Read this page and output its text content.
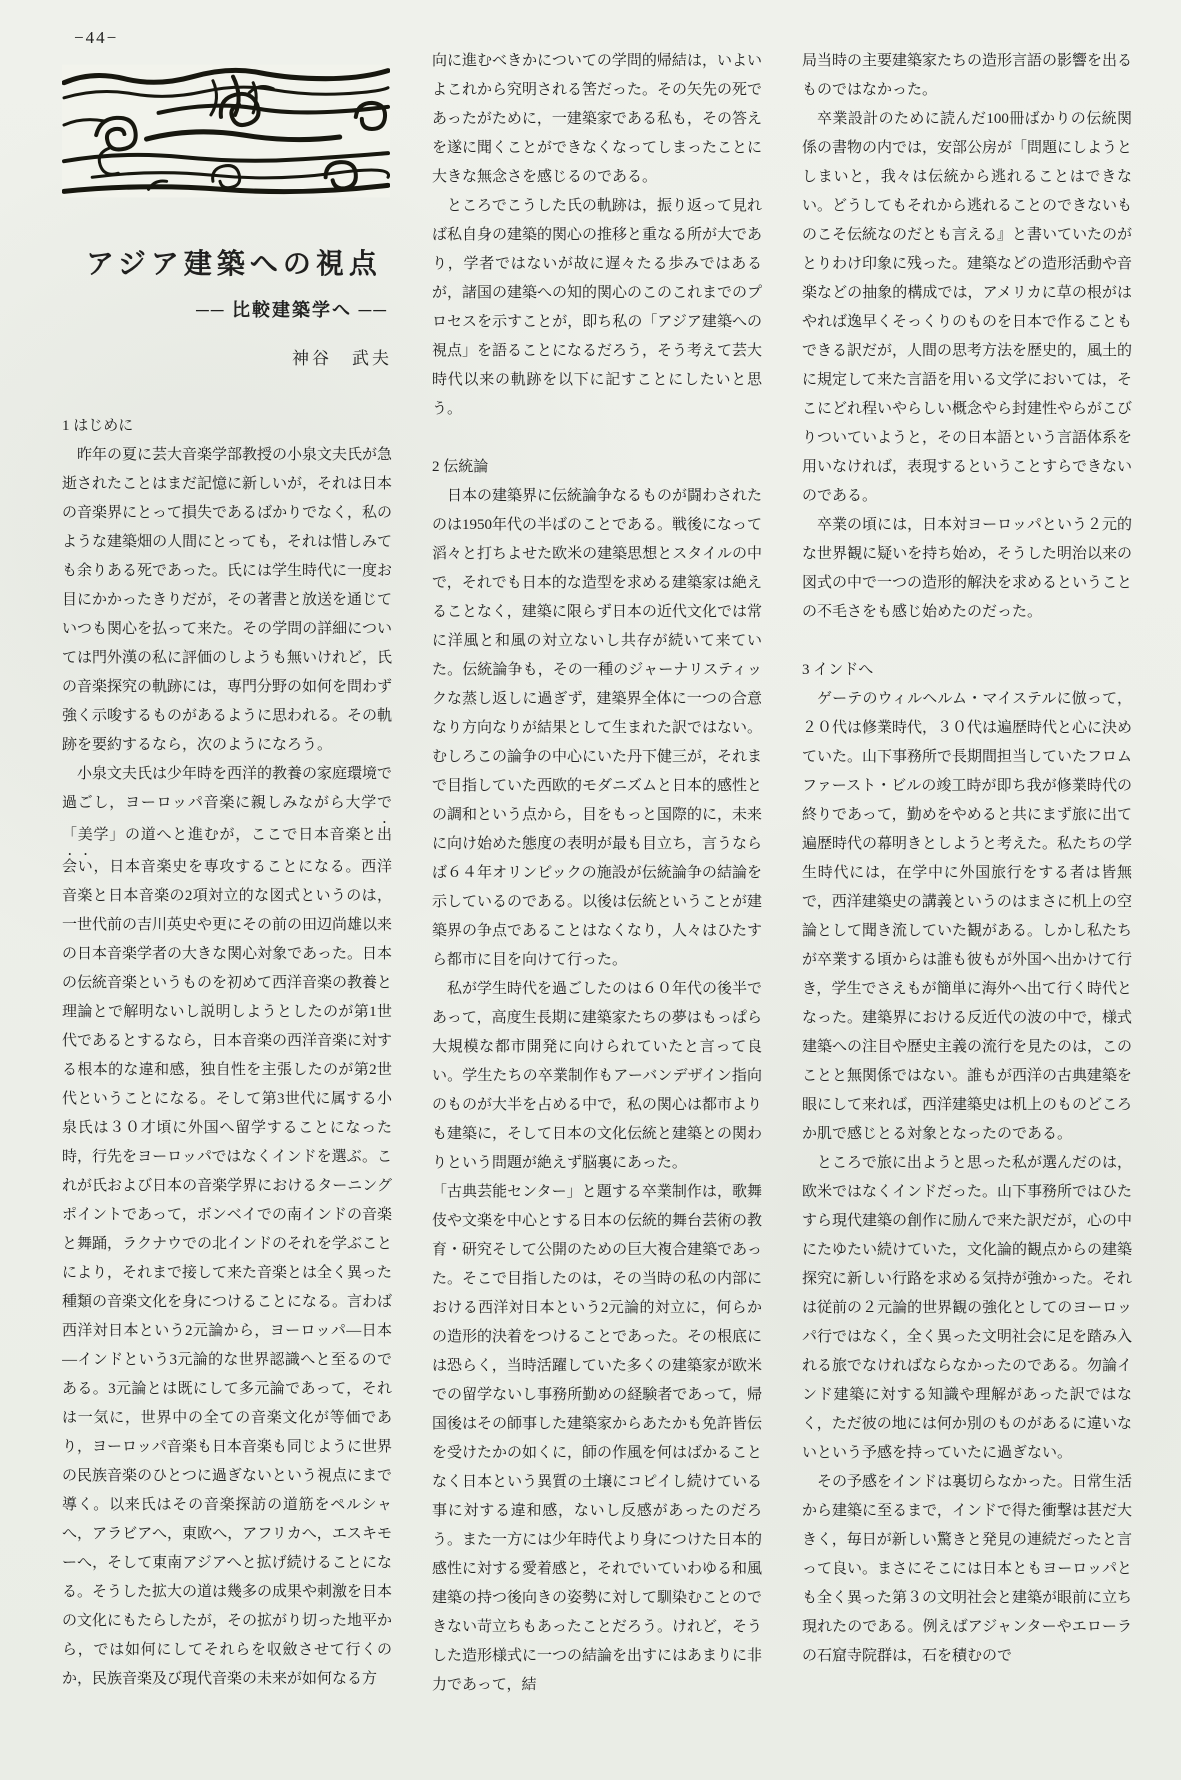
−44−
アジア建築への視点
── 比較建築学へ ──
神谷　武夫
1 はじめに

昨年の夏に芸大音楽学部教授の小泉文夫氏が急逝されたことはまだ記憶に新しいが，それは日本の音楽界にとって損失であるばかりでなく，私のような建築畑の人間にとっても，それは惜しみても余りある死であった。氏には学生時代に一度お目にかかったきりだが，その著書と放送を通じていつも関心を払って来た。その学問の詳細については門外漢の私に評価のしようも無いけれど，氏の音楽探究の軌跡には，専門分野の如何を問わず強く示唆するものがあるように思われる。その軌跡を要約するなら，次のようになろう。

小泉文夫氏は少年時を西洋的教養の家庭環境で過ごし，ヨーロッパ音楽に親しみながら大学で「美学」の道へと進むが，ここで日本音楽と出会い，日本音楽史を専攻することになる。西洋音楽と日本音楽の2項対立的な図式というのは，一世代前の吉川英史や更にその前の田辺尚雄以来の日本音楽学者の大きな関心対象であった。日本の伝統音楽というものを初めて西洋音楽の教養と理論とで解明ないし説明しようとしたのが第1世代であるとするなら，日本音楽の西洋音楽に対する根本的な違和感，独自性を主張したのが第2世代ということになる。そして第3世代に属する小泉氏は３０才頃に外国へ留学することになった時，行先をヨーロッパではなくインドを選ぶ。これが氏および日本の音楽学界におけるターニングポイントであって，ボンベイでの南インドの音楽と舞踊，ラクナウでの北インドのそれを学ぶことにより，それまで接して来た音楽とは全く異った種類の音楽文化を身につけることになる。言わば西洋対日本という2元論から，ヨーロッパ―日本―インドという3元論的な世界認識へと至るのである。3元論とは既にして多元論であって，それは一気に，世界中の全ての音楽文化が等価であり，ヨーロッパ音楽も日本音楽も同じように世界の民族音楽のひとつに過ぎないという視点にまで導く。以来氏はその音楽探訪の道筋をペルシャへ，アラビアへ，東欧へ，アフリカへ，エスキモーへ，そして東南アジアへと拡げ続けることになる。そうした拡大の道は幾多の成果や刺激を日本の文化にもたらしたが，その拡がり切った地平から，では如何にしてそれらを収斂させて行くのか，民族音楽及び現代音楽の未来が如何なる方

向に進むべきかについての学問的帰結は，いよいよこれから究明される筈だった。その矢先の死であったがために，一建築家である私も，その答えを遂に聞くことができなくなってしまったことに大きな無念さを感じるのである。

ところでこうした氏の軌跡は，振り返って見れば私自身の建築的関心の推移と重なる所が大であり，学者ではないが故に遅々たる歩みではあるが，諸国の建築への知的関心のこのこれまでのプロセスを示すことが，即ち私の「アジア建築への視点」を語ることになるだろう，そう考えて芸大時代以来の軌跡を以下に記すことにしたいと思う。

2 伝統論

日本の建築界に伝統論争なるものが闘わされたのは1950年代の半ばのことである。戦後になって滔々と打ちよせた欧米の建築思想とスタイルの中で，それでも日本的な造型を求める建築家は絶えることなく，建築に限らず日本の近代文化では常に洋風と和風の対立ないし共存が続いて来ていた。伝統論争も，その一種のジャーナリスティックな蒸し返しに過ぎず，建築界全体に一つの合意なり方向なりが結果として生まれた訳ではない。むしろこの論争の中心にいた丹下健三が，それまで目指していた西欧的モダニズムと日本的感性との調和という点から，目をもっと国際的に，未来に向け始めた態度の表明が最も目立ち，言うならば６４年オリンピックの施設が伝統論争の結論を示しているのである。以後は伝統ということが建築界の争点であることはなくなり，人々はひたすら都市に目を向けて行った。

私が学生時代を過ごしたのは６０年代の後半であって，高度生長期に建築家たちの夢はもっぱら大規模な都市開発に向けられていたと言って良い。学生たちの卒業制作もアーバンデザイン指向のものが大半を占める中で，私の関心は都市よりも建築に，そして日本の文化伝統と建築との関わりという問題が絶えず脳裏にあった。

「古典芸能センター」と題する卒業制作は，歌舞伎や文楽を中心とする日本の伝統的舞台芸術の教育・研究そして公開のための巨大複合建築であった。そこで目指したのは，その当時の私の内部における西洋対日本という2元論的対立に，何らかの造形的決着をつけることであった。その根底には恐らく，当時活躍していた多くの建築家が欧米での留学ないし事務所勤めの経験者であって，帰国後はその師事した建築家からあたかも免許皆伝を受けたかの如くに，師の作風を何はばかることなく日本という異質の土壌にコピイし続けている事に対する違和感，ないし反感があったのだろう。また一方には少年時代より身につけた日本的感性に対する愛着感と，それでいていわゆる和風建築の持つ後向きの姿勢に対して馴染むことのできない苛立ちもあったことだろう。けれど，そうした造形様式に一つの結論を出すにはあまりに非力であって，結

局当時の主要建築家たちの造形言語の影響を出るものではなかった。

卒業設計のために読んだ100冊ばかりの伝統関係の書物の内では，安部公房が「問題にしようとしまいと，我々は伝統から逃れることはできない。どうしてもそれから逃れることのできないものこそ伝統なのだとも言える』と書いていたのがとりわけ印象に残った。建築などの造形活動や音楽などの抽象的構成では，アメリカに草の根がはやれば逸早くそっくりのものを日本で作ることもできる訳だが，人間の思考方法を歴史的，風土的に規定して来た言語を用いる文学においては，そこにどれ程いやらしい概念やら封建性やらがこびりついていようと，その日本語という言語体系を用いなければ，表現するということすらできないのである。

卒業の頃には，日本対ヨーロッパという２元的な世界観に疑いを持ち始め，そうした明治以来の図式の中で一つの造形的解決を求めるということの不毛さをも感じ始めたのだった。

3 インドへ

ゲーテのウィルヘルム・マイステルに倣って，２０代は修業時代，３０代は遍歴時代と心に決めていた。山下事務所で長期間担当していたフロムファースト・ビルの竣工時が即ち我が修業時代の終りであって，勤めをやめると共にまず旅に出て遍歴時代の幕明きとしようと考えた。私たちの学生時代には，在学中に外国旅行をする者は皆無で，西洋建築史の講義というのはまさに机上の空論として聞き流していた観がある。しかし私たちが卒業する頃からは誰も彼もが外国へ出かけて行き，学生でさえもが簡単に海外へ出て行く時代となった。建築界における反近代の波の中で，様式建築への注目や歴史主義の流行を見たのは，このことと無関係ではない。誰もが西洋の古典建築を眼にして来れば，西洋建築史は机上のものどころか肌で感じとる対象となったのである。

ところで旅に出ようと思った私が選んだのは，欧米ではなくインドだった。山下事務所ではひたすら現代建築の創作に励んで来た訳だが，心の中にたゆたい続けていた，文化論的観点からの建築探究に新しい行路を求める気持が強かった。それは従前の２元論的世界観の強化としてのヨーロッパ行ではなく，全く異った文明社会に足を踏み入れる旅でなければならなかったのである。勿論インド建築に対する知識や理解があった訳ではなく，ただ彼の地には何か別のものがあるに違いないという予感を持っていたに過ぎない。

その予感をインドは裏切らなかった。日常生活から建築に至るまで，インドで得た衝撃は甚だ大きく，毎日が新しい驚きと発見の連続だったと言って良い。まさにそこには日本ともヨーロッパとも全く異った第３の文明社会と建築が眼前に立ち現れたのである。例えばアジャンターやエローラの石窟寺院群は，石を積むので
